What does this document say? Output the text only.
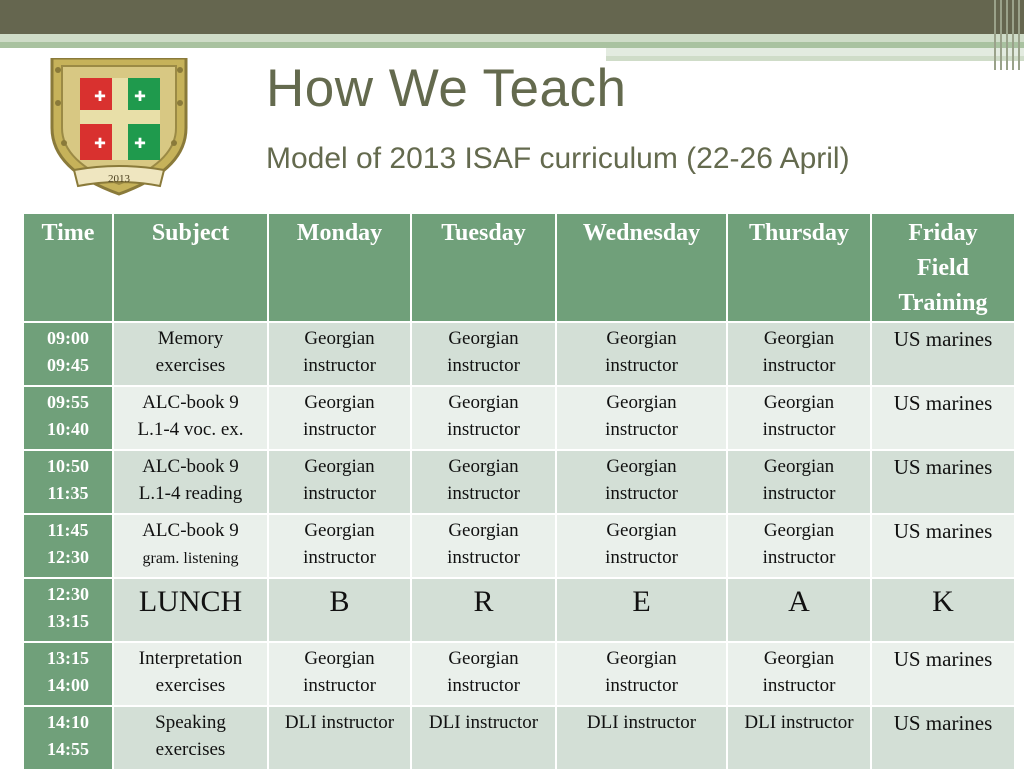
✚ ✚
✚ ✚
2013
How We Teach
Model of 2013 ISAF curriculum (22-26 April)
Time	Subject	Monday	Tuesday	Wednesday	Thursday	Friday
Field
Training

09:00
09:45	Memory
exercises	Georgian
instructor	Georgian
instructor	Georgian
instructor	Georgian
instructor	US marines
09:55
10:40	ALC-book 9
L.1-4 voc. ex.	Georgian
instructor	Georgian
instructor	Georgian
instructor	Georgian
instructor	US marines
10:50
11:35	ALC-book 9
L.1-4 reading	Georgian
instructor	Georgian
instructor	Georgian
instructor	Georgian
instructor	US marines
11:45
12:30	ALC-book 9
gram. listening	Georgian
instructor	Georgian
instructor	Georgian
instructor	Georgian
instructor	US marines
12:30
13:15	LUNCH	B	R	E	A	K
13:15
14:00	Interpretation
exercises	Georgian
instructor	Georgian
instructor	Georgian
instructor	Georgian
instructor	US marines
14:10
14:55	Speaking
exercises	DLI instructor	DLI instructor	DLI instructor	DLI instructor	US marines
